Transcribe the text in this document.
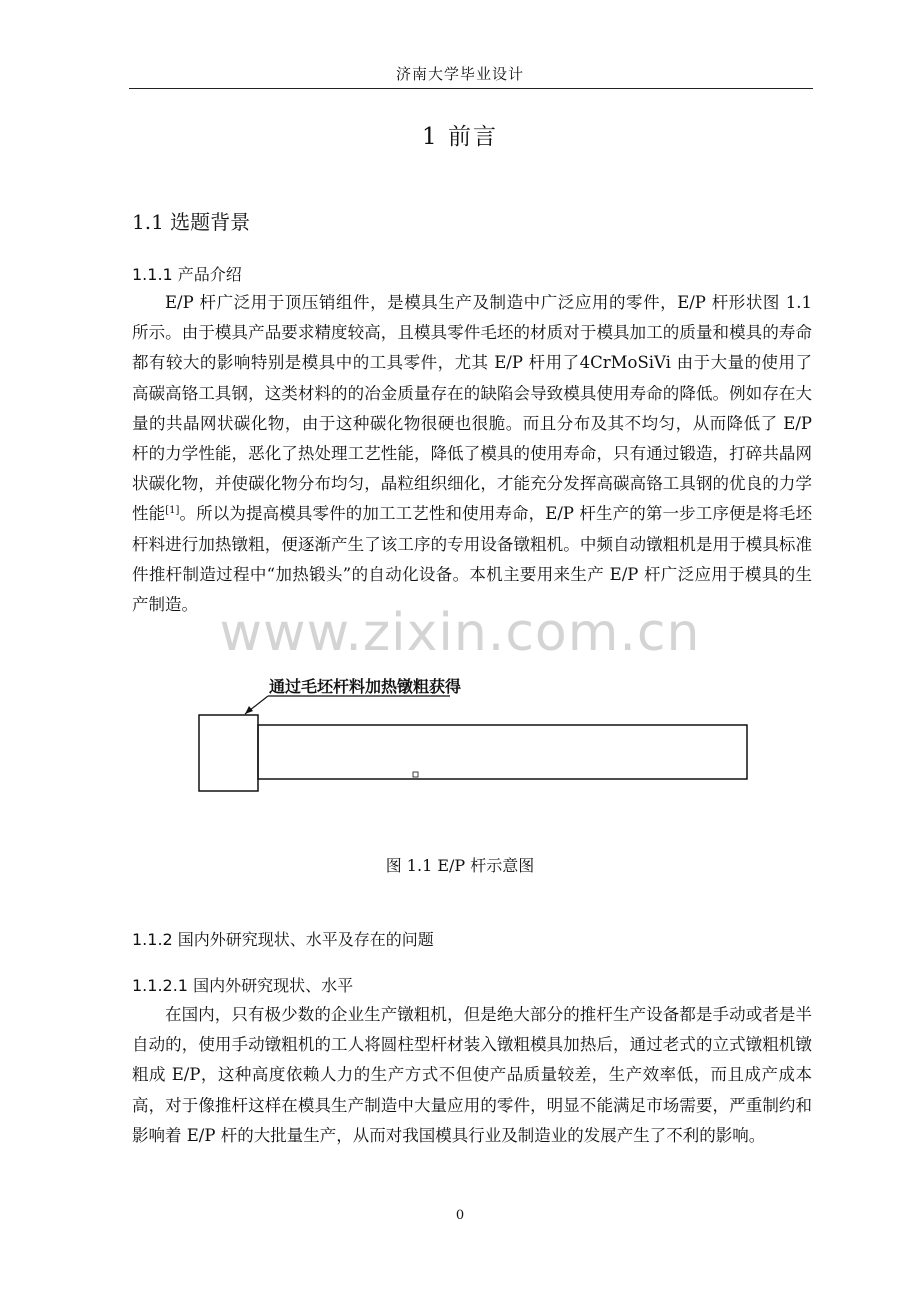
济南大学毕业设计
1 前言
1.1 选题背景
1.1.1 产品介绍

E/P 杆广泛用于顶压销组件，是模具生产及制造中广泛应用的零件，E/P 杆形状图 1.1 所示。由于模具产品要求精度较高，且模具零件毛坯的材质对于模具加工的质量和模具的寿命都有较大的影响特别是模具中的工具零件，尤其 E/P 杆用了4CrMoSiVi 由于大量的使用了高碳高铬工具钢，这类材料的的冶金质量存在的缺陷会导致模具使用寿命的降低。例如存在大量的共晶网状碳化物，由于这种碳化物很硬也很脆。而且分布及其不均匀，从而降低了 E/P 杆的力学性能，恶化了热处理工艺性能，降低了模具的使用寿命，只有通过锻造，打碎共晶网状碳化物，并使碳化物分布均匀，晶粒组织细化，才能充分发挥高碳高铬工具钢的优良的力学性能[1]。所以为提高模具零件的加工工艺性和使用寿命，E/P 杆生产的第一步工序便是将毛坯杆料进行加热镦粗，便逐渐产生了该工序的专用设备镦粗机。中频自动镦粗机是用于模具标准件推杆制造过程中“加热锻头”的自动化设备。本机主要用来生产 E/P 杆广泛应用于模具的生产制造。 www.zixin.com.cn
通过毛坯杆料加热镦粗获得
图 1.1 E/P 杆示意图
1.1.2 国内外研究现状、水平及存在的问题
1.1.2.1 国内外研究现状、水平

在国内，只有极少数的企业生产镦粗机，但是绝大部分的推杆生产设备都是手动或者是半自动的，使用手动镦粗机的工人将圆柱型杆材装入镦粗模具加热后，通过老式的立式镦粗机镦粗成 E/P，这种高度依赖人力的生产方式不但使产品质量较差，生产效率低，而且成产成本高，对于像推杆这样在模具生产制造中大量应用的零件，明显不能满足市场需要，严重制约和影响着 E/P 杆的大批量生产，从而对我国模具行业及制造业的发展产生了不利的影响。

0
